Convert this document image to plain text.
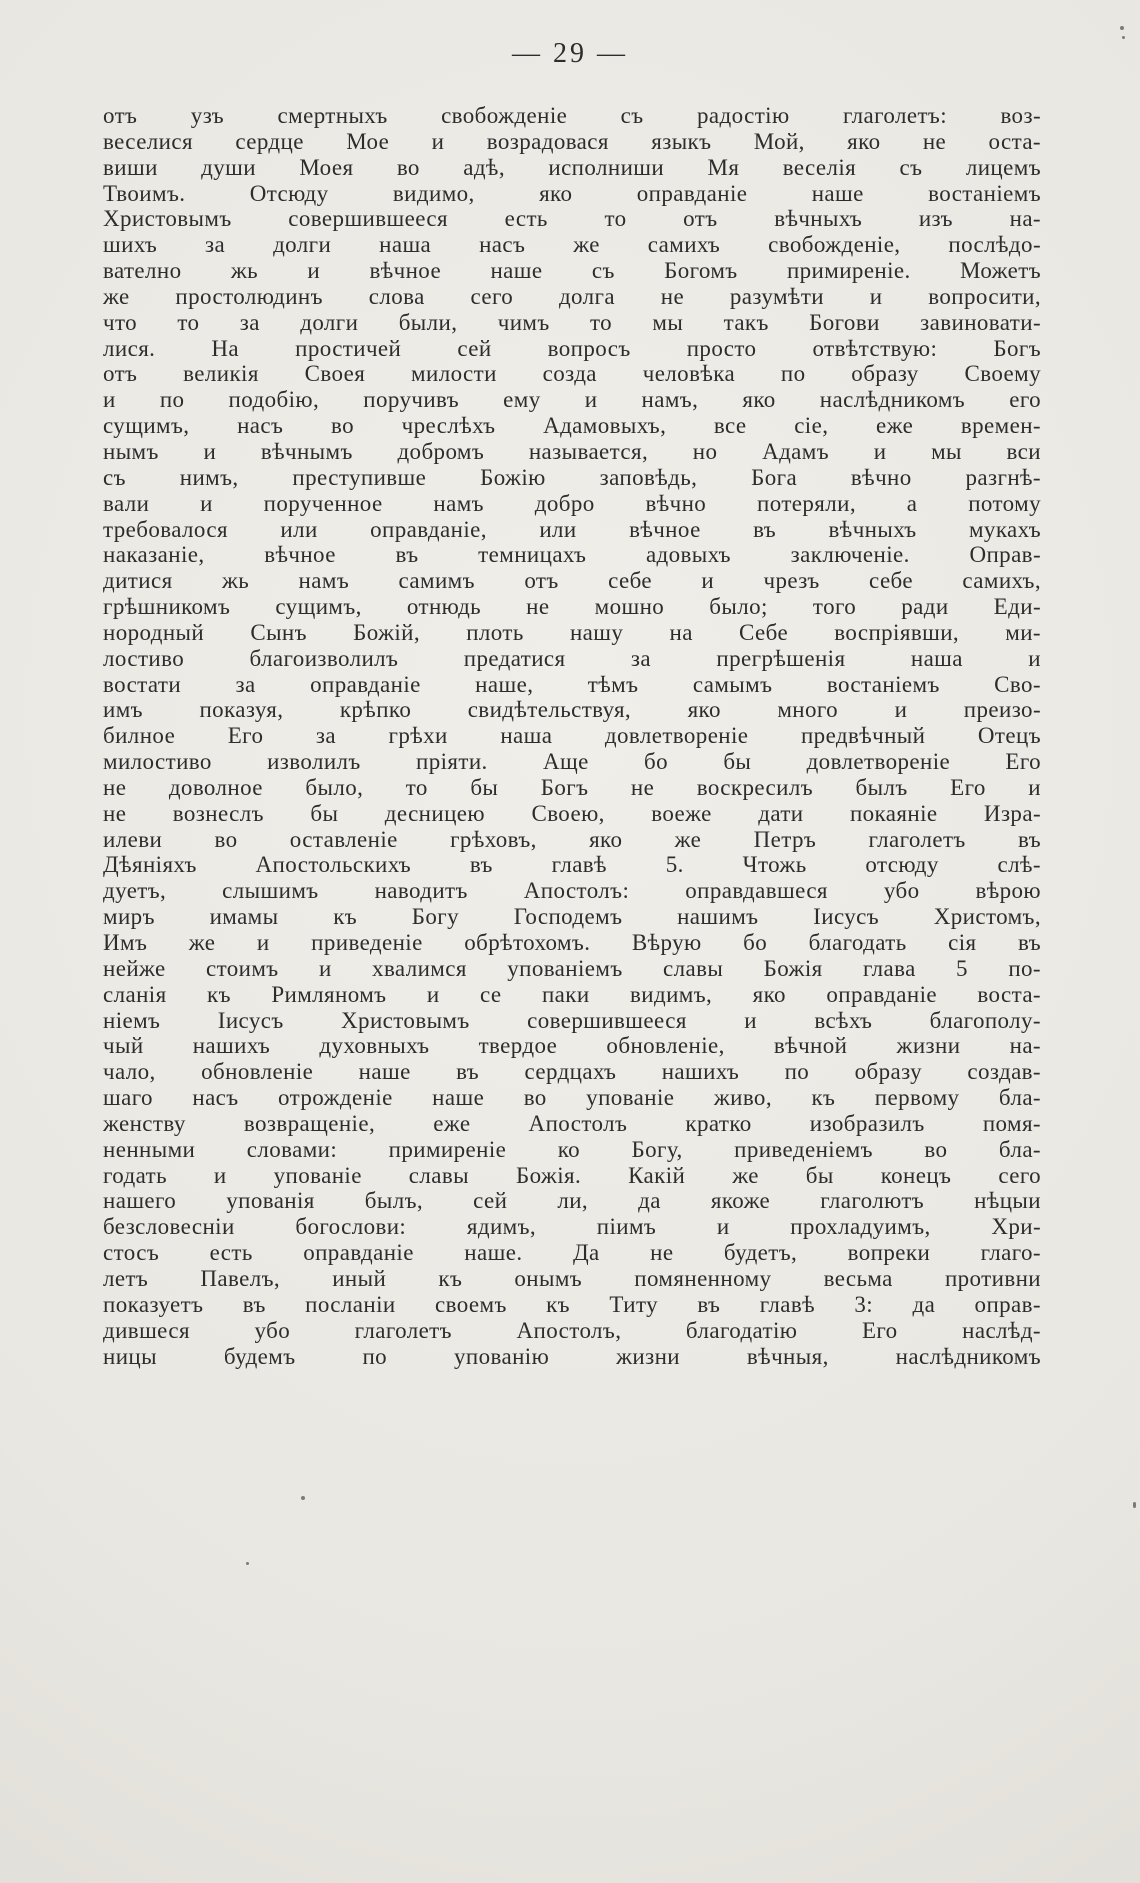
— 29 —
отъ узъ смертныхъ свобожденіе съ радостію глаголетъ: воз-
веселися сердце Мое и возрадовася языкъ Мой, яко не оста-
виши души Моея во адѣ, исполниши Мя веселія съ лицемъ
Твоимъ. Отсюду видимо, яко оправданіе наше востаніемъ
Христовымъ совершившееся есть то отъ вѣчныхъ изъ на-
шихъ за долги наша насъ же самихъ свобожденіе, послѣдо-
вателно жь и вѣчное наше съ Богомъ примиреніе. Можетъ
же простолюдинъ слова сего долга не разумѣти и вопросити,
что то за долги были, чимъ то мы такъ Богови завиновати-
лися. На простичей сей вопросъ просто отвѣтствую: Богъ
отъ великія Своея милости созда человѣка по образу Своему
и по подобію, поручивъ ему и намъ, яко наслѣдникомъ его
сущимъ, насъ во чреслѣхъ Адамовыхъ, все сіе, еже времен-
нымъ и вѣчнымъ добромъ называется, но Адамъ и мы вси
съ нимъ, преступивше Божію заповѣдь, Бога вѣчно разгнѣ-
вали и порученное намъ добро вѣчно потеряли, а потому
требовалося или оправданіе, или вѣчное въ вѣчныхъ мукахъ
наказаніе, вѣчное въ темницахъ адовыхъ заключеніе. Оправ-
дитися жь намъ самимъ отъ себе и чрезъ себе самихъ,
грѣшникомъ сущимъ, отнюдь не мошно было; того ради Еди-
нородный Сынъ Божій, плоть нашу на Себе воспріявши, ми-
лостиво благоизволилъ предатися за прегрѣшенія наша и
востати за оправданіе наше, тѣмъ самымъ востаніемъ Сво-
имъ показуя, крѣпко свидѣтельствуя, яко много и преизо-
билное Его за грѣхи наша довлетвореніе предвѣчный Отецъ
милостиво изволилъ пріяти. Аще бо бы довлетвореніе Его
не доволное было, то бы Богъ не воскресилъ былъ Его и
не вознеслъ бы десницею Своею, воеже дати покаяніе Изра-
илеви во оставленіе грѣховъ, яко же Петръ глаголетъ въ
Дѣяніяхъ Апостольскихъ въ главѣ 5. Чтожь отсюду слѣ-
дуетъ, слышимъ наводитъ Апостолъ: оправдавшеся убо вѣрою
миръ имамы къ Богу Господемъ нашимъ Іисусъ Христомъ,
Имъ же и приведеніе обрѣтохомъ. Вѣрую бо благодать сія въ
нейже стоимъ и хвалимся упованіемъ славы Божія глава 5 по-
сланія къ Римляномъ и се паки видимъ, яко оправданіе воста-
ніемъ Іисусъ Христовымъ совершившееся и всѣхъ благополу-
чый нашихъ духовныхъ твердое обновленіе, вѣчной жизни на-
чало, обновленіе наше въ сердцахъ нашихъ по образу создав-
шаго насъ отрожденіе наше во упованіе живо, къ первому бла-
женству возвращеніе, еже Апостолъ кратко изобразилъ помя-
ненными словами: примиреніе ко Богу, приведеніемъ во бла-
годать и упованіе славы Божія. Какій же бы конецъ сего
нашего упованія былъ, сей ли, да якоже глаголютъ нѣцыи
безсловесніи богослови: ядимъ, піимъ и прохладуимъ, Хри-
стосъ есть оправданіе наше. Да не будетъ, вопреки глаго-
летъ Павелъ, иный къ онымъ помяненному весьма противни
показуетъ въ посланіи своемъ къ Титу въ главѣ 3: да оправ-
дившеся убо глаголетъ Апостолъ, благодатію Его наслѣд-
ницы будемъ по упованію жизни вѣчныя, наслѣдникомъ
